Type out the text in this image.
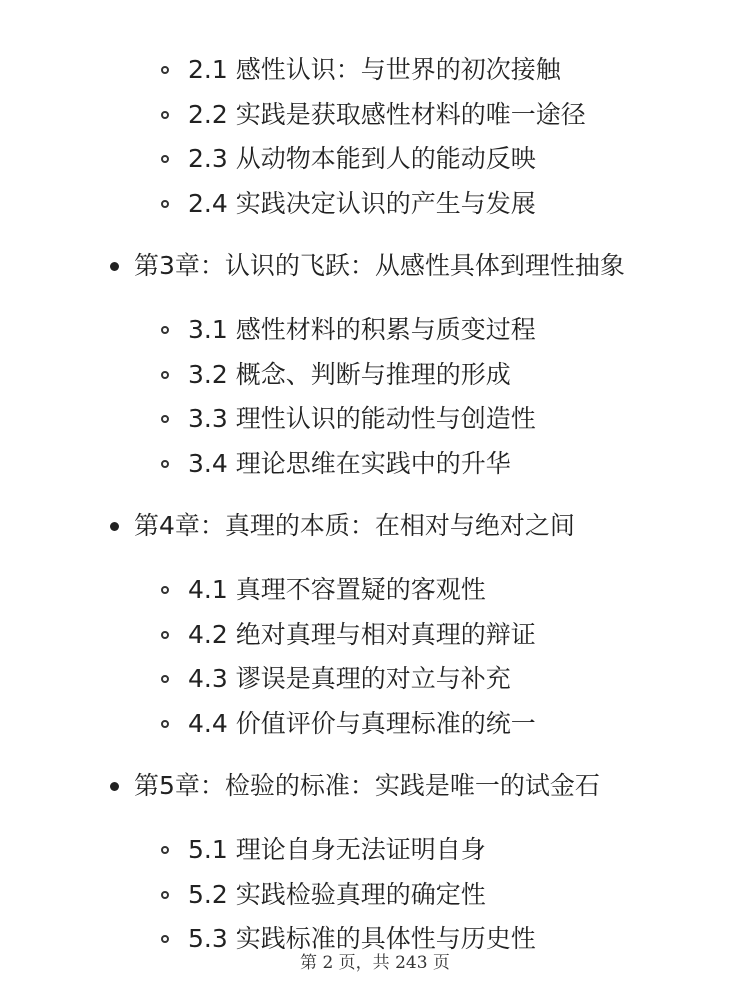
2.1 感性认识：与世界的初次接触
2.2 实践是获取感性材料的唯一途径
2.3 从动物本能到人的能动反映
2.4 实践决定认识的产生与发展
第3章：认识的飞跃：从感性具体到理性抽象
3.1 感性材料的积累与质变过程
3.2 概念、判断与推理的形成
3.3 理性认识的能动性与创造性
3.4 理论思维在实践中的升华
第4章：真理的本质：在相对与绝对之间
4.1 真理不容置疑的客观性
4.2 绝对真理与相对真理的辩证
4.3 谬误是真理的对立与补充
4.4 价值评价与真理标准的统一
第5章：检验的标准：实践是唯一的试金石
5.1 理论自身无法证明自身
5.2 实践检验真理的确定性
5.3 实践标准的具体性与历史性
第 2 页，共 243 页
